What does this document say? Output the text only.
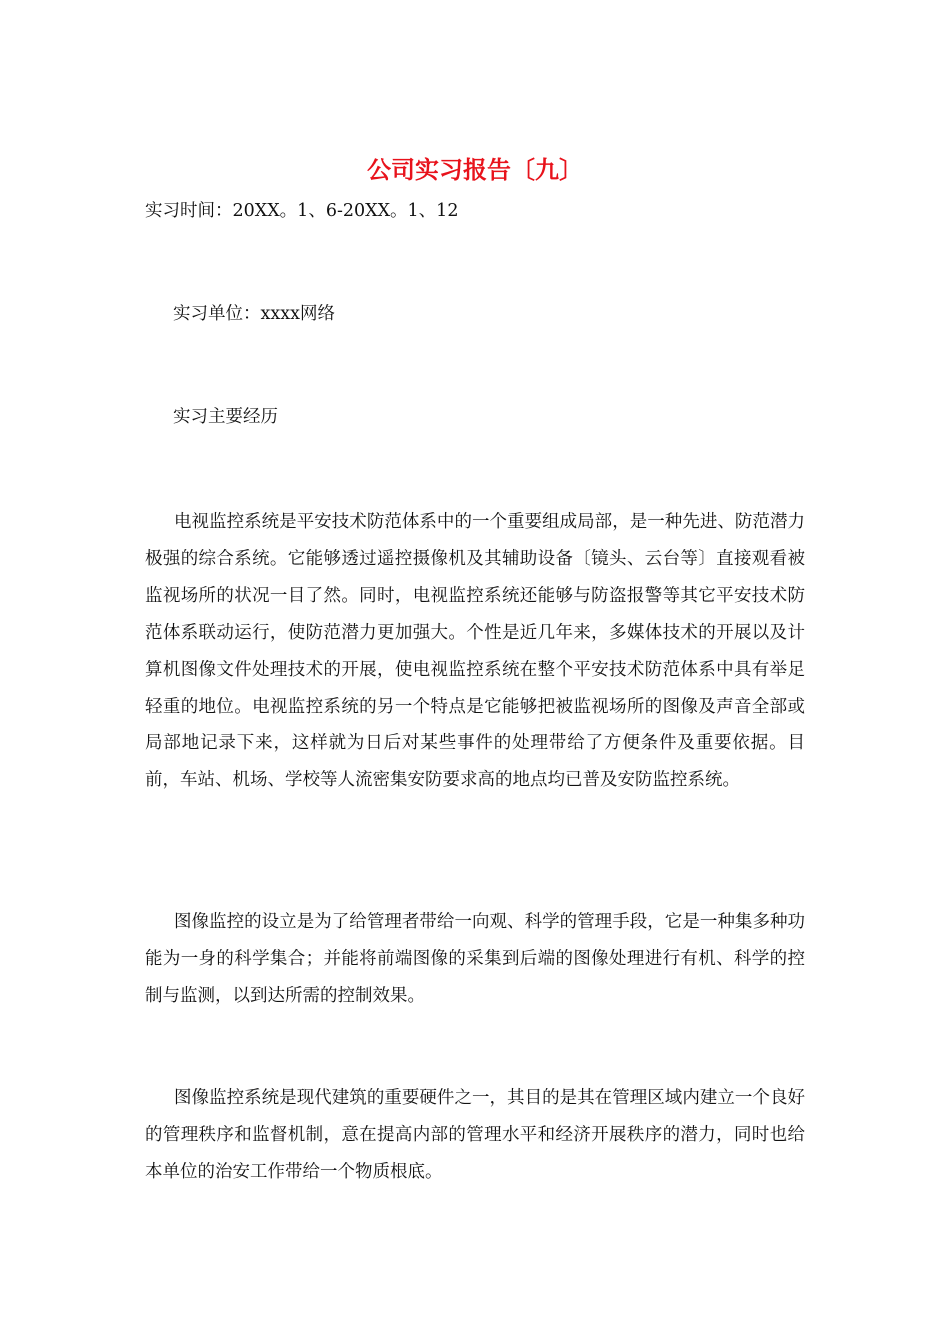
公司实习报告〔九〕
实习时间：20XX。1、6-20XX。1、12
实习单位：xxxx网络
实习主要经历

电视监控系统是平安技术防范体系中的一个重要组成局部，是一种先进、防范潜力极强的综合系统。它能够透过遥控摄像机及其辅助设备〔镜头、云台等〕直接观看被监视场所的状况一目了然。同时，电视监控系统还能够与防盗报警等其它平安技术防范体系联动运行，使防范潜力更加强大。个性是近几年来，多媒体技术的开展以及计算机图像文件处理技术的开展，使电视监控系统在整个平安技术防范体系中具有举足轻重的地位。电视监控系统的另一个特点是它能够把被监视场所的图像及声音全部或局部地记录下来，这样就为日后对某些事件的处理带给了方便条件及重要依据。目前，车站、机场、学校等人流密集安防要求高的地点均已普及安防监控系统。

图像监控的设立是为了给管理者带给一向观、科学的管理手段，它是一种集多种功能为一身的科学集合；并能将前端图像的采集到后端的图像处理进行有机、科学的控制与监测，以到达所需的控制效果。

图像监控系统是现代建筑的重要硬件之一，其目的是其在管理区域内建立一个良好的管理秩序和监督机制，意在提高内部的管理水平和经济开展秩序的潜力，同时也给本单位的治安工作带给一个物质根底。
